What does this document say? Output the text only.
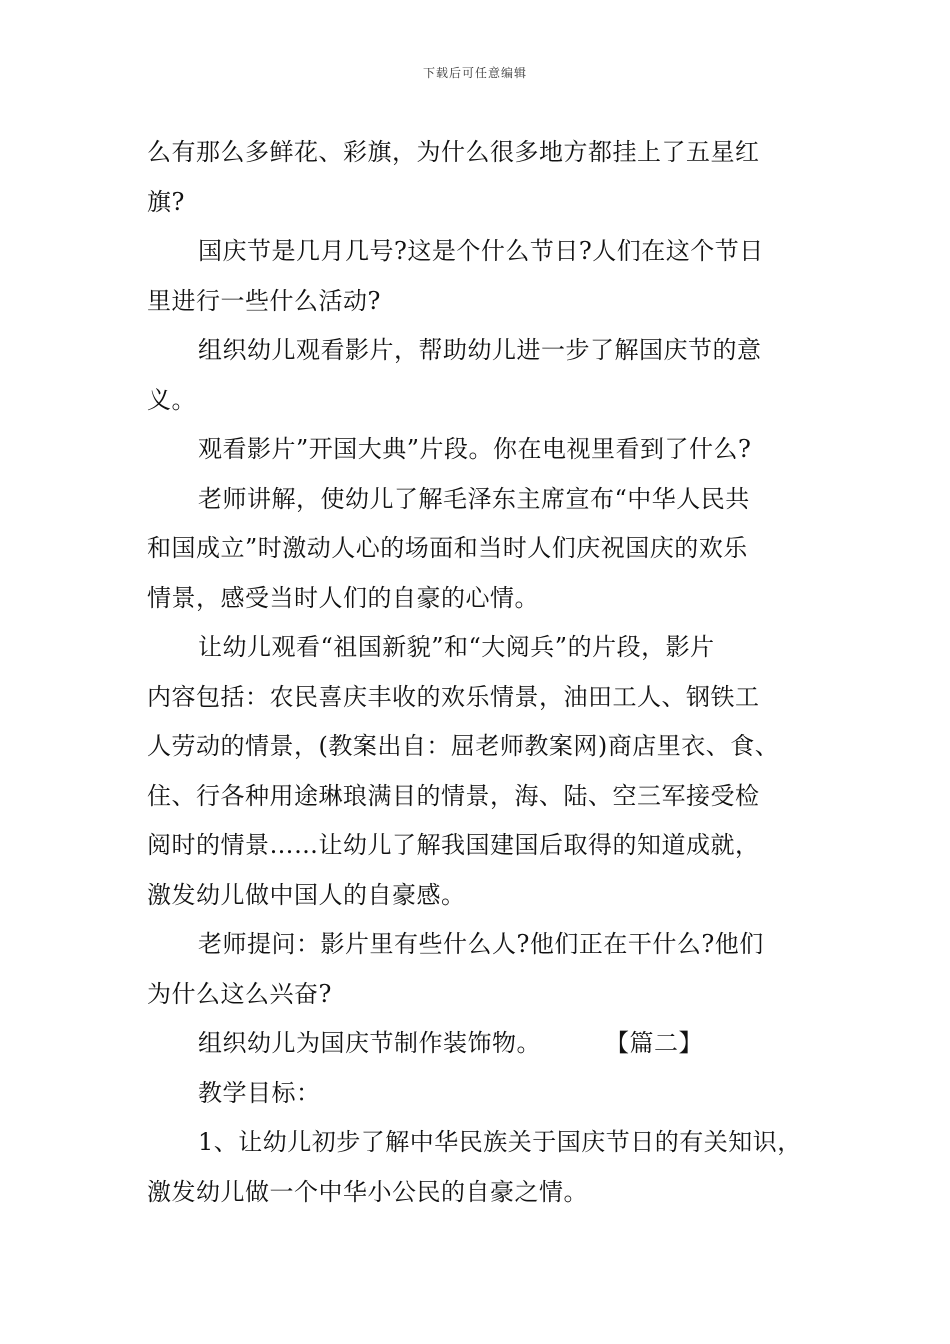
下载后可任意编辑
么有那么多鲜花、彩旗，为什么很多地方都挂上了五星红
旗?
国庆节是几月几号?这是个什么节日?人们在这个节日
里进行一些什么活动?
组织幼儿观看影片，帮助幼儿进一步了解国庆节的意
义。
观看影片”开国大典”片段。你在电视里看到了什么?
老师讲解，使幼儿了解毛泽东主席宣布“中华人民共
和国成立”时激动人心的场面和当时人们庆祝国庆的欢乐
情景，感受当时人们的自豪的心情。
让幼儿观看“祖国新貌”和“大阅兵”的片段，影片
内容包括：农民喜庆丰收的欢乐情景，油田工人、钢铁工
人劳动的情景，(教案出自：屈老师教案网)商店里衣、食、
住、行各种用途琳琅满目的情景，海、陆、空三军接受检
阅时的情景……让幼儿了解我国建国后取得的知道成就，
激发幼儿做中国人的自豪感。
老师提问：影片里有些什么人?他们正在干什么?他们
为什么这么兴奋?
组织幼儿为国庆节制作装饰物。	【篇二】
教学目标：
1、让幼儿初步了解中华民族关于国庆节日的有关知识，
激发幼儿做一个中华小公民的自豪之情。
